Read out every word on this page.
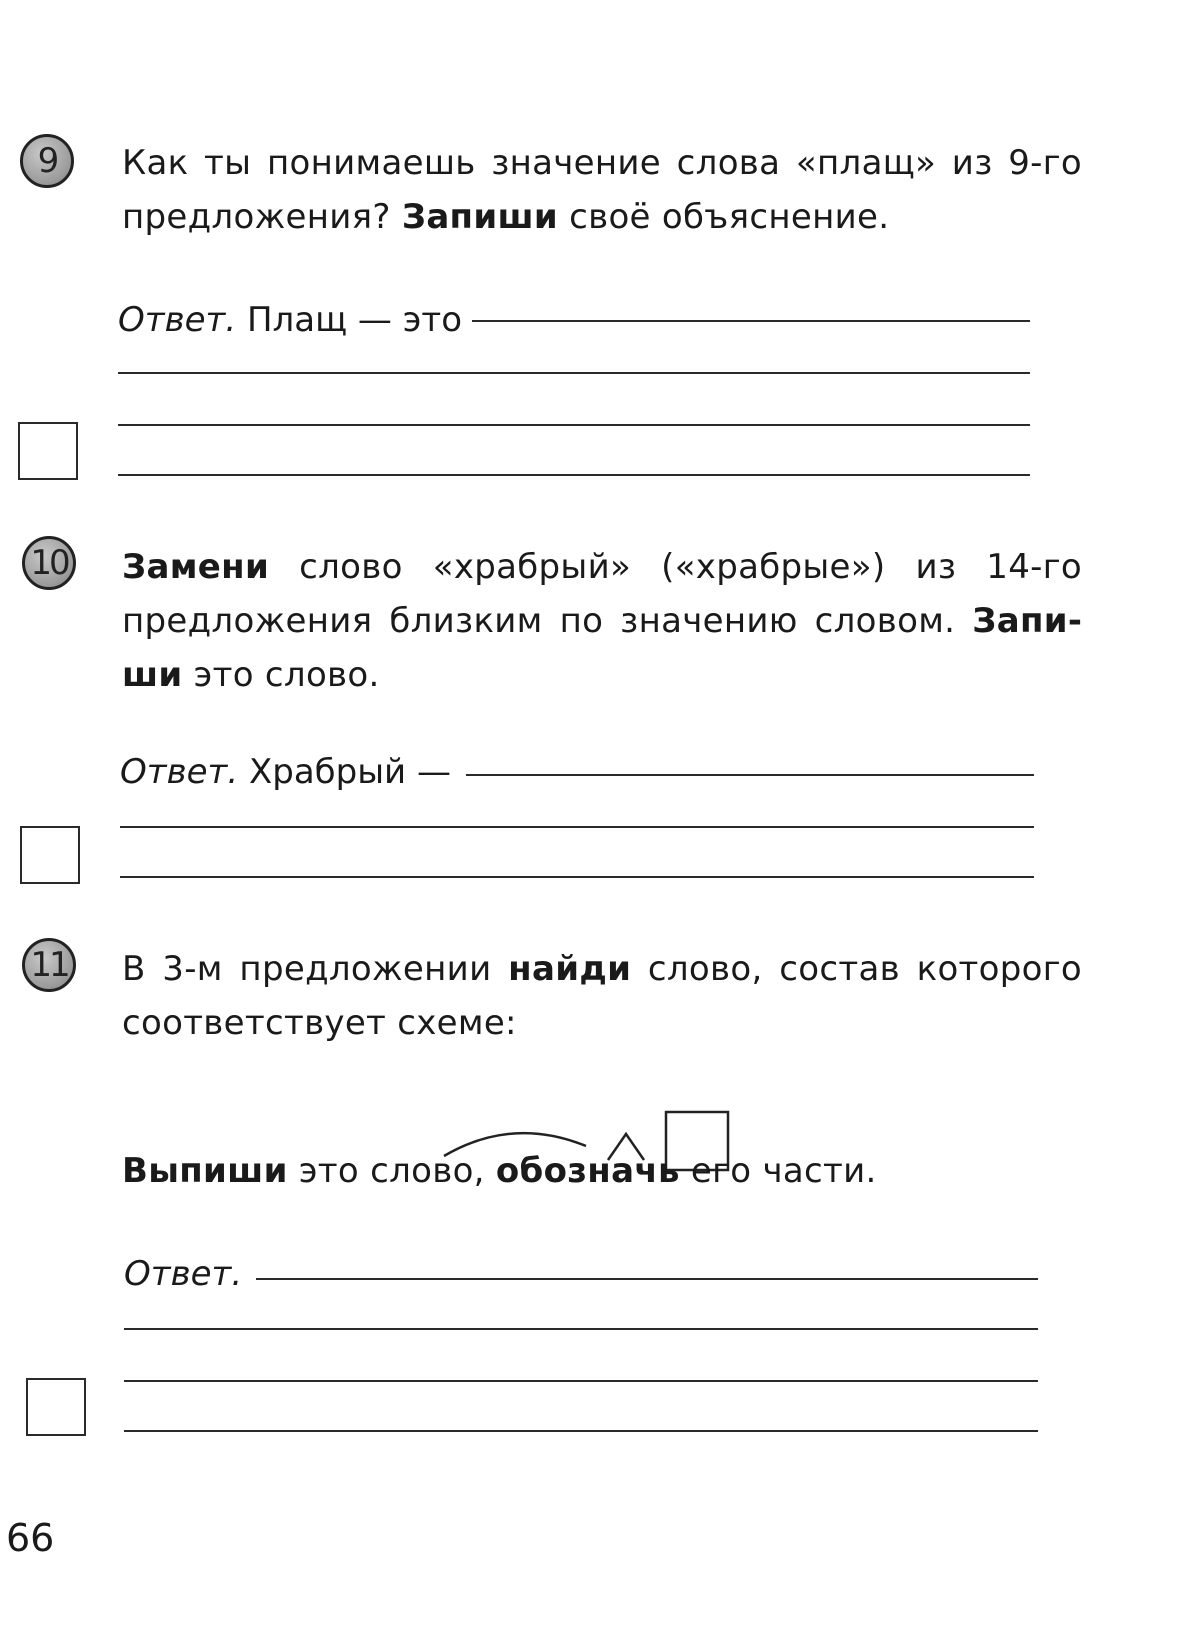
9 Как ты понимаешь значение слова «плащ» из 9-го предложения? Запиши своё объяснение.

Ответ. Плащ — это
10 Замени слово «храбрый» («храбрые») из 14-го предложения близким по значению словом. Запиши это слово.

Ответ. Храбрый —
11 В 3-м предложении найди слово, состав которого соответствует схеме:

Выпиши это слово, обозначь его части.

Ответ.
66
